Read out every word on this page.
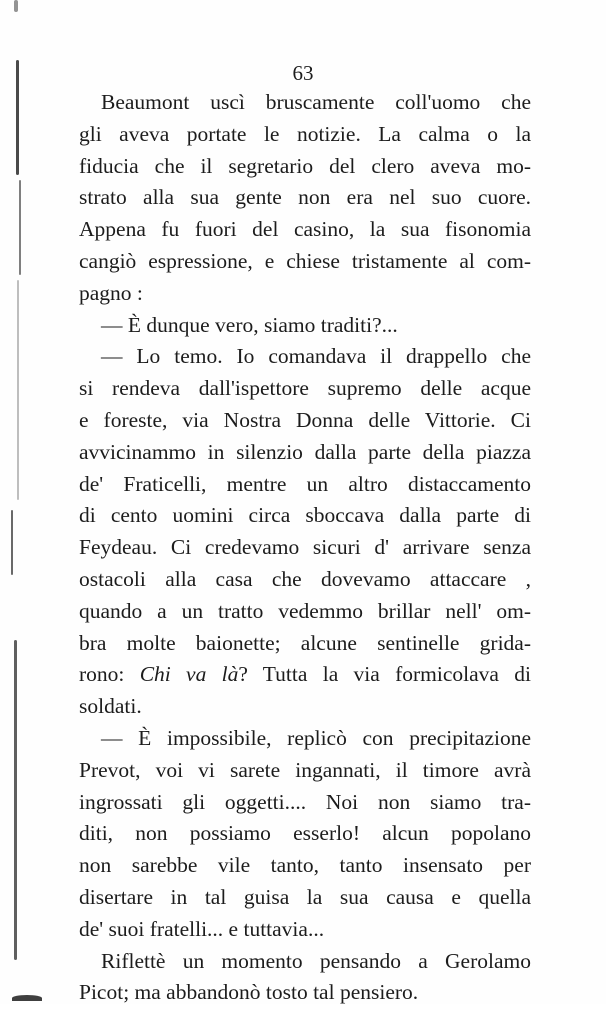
63
Beaumont uscì bruscamente coll'uomo che
gli aveva portate le notizie. La calma o la
fiducia che il segretario del clero aveva mo-
strato alla sua gente non era nel suo cuore.
Appena fu fuori del casino, la sua fisonomia
cangiò espressione, e chiese tristamente al com-
pagno :
— È dunque vero, siamo traditi?...
— Lo temo. Io comandava il drappello che
si rendeva dall'ispettore supremo delle acque
e foreste, via Nostra Donna delle Vittorie. Ci
avvicinammo in silenzio dalla parte della piazza
de' Fraticelli, mentre un altro distaccamento
di cento uomini circa sboccava dalla parte di
Feydeau. Ci credevamo sicuri d' arrivare senza
ostacoli alla casa che dovevamo attaccare ,
quando a un tratto vedemmo brillar nell' om-
bra molte baionette; alcune sentinelle grida-
rono: Chi va là? Tutta la via formicolava di
soldati.
— È impossibile, replicò con precipitazione
Prevot, voi vi sarete ingannati, il timore avrà
ingrossati gli oggetti.... Noi non siamo tra-
diti, non possiamo esserlo! alcun popolano
non sarebbe vile tanto, tanto insensato per
disertare in tal guisa la sua causa e quella
de' suoi fratelli... e tuttavia...
Riflettè un momento pensando a Gerolamo
Picot; ma abbandonò tosto tal pensiero.
